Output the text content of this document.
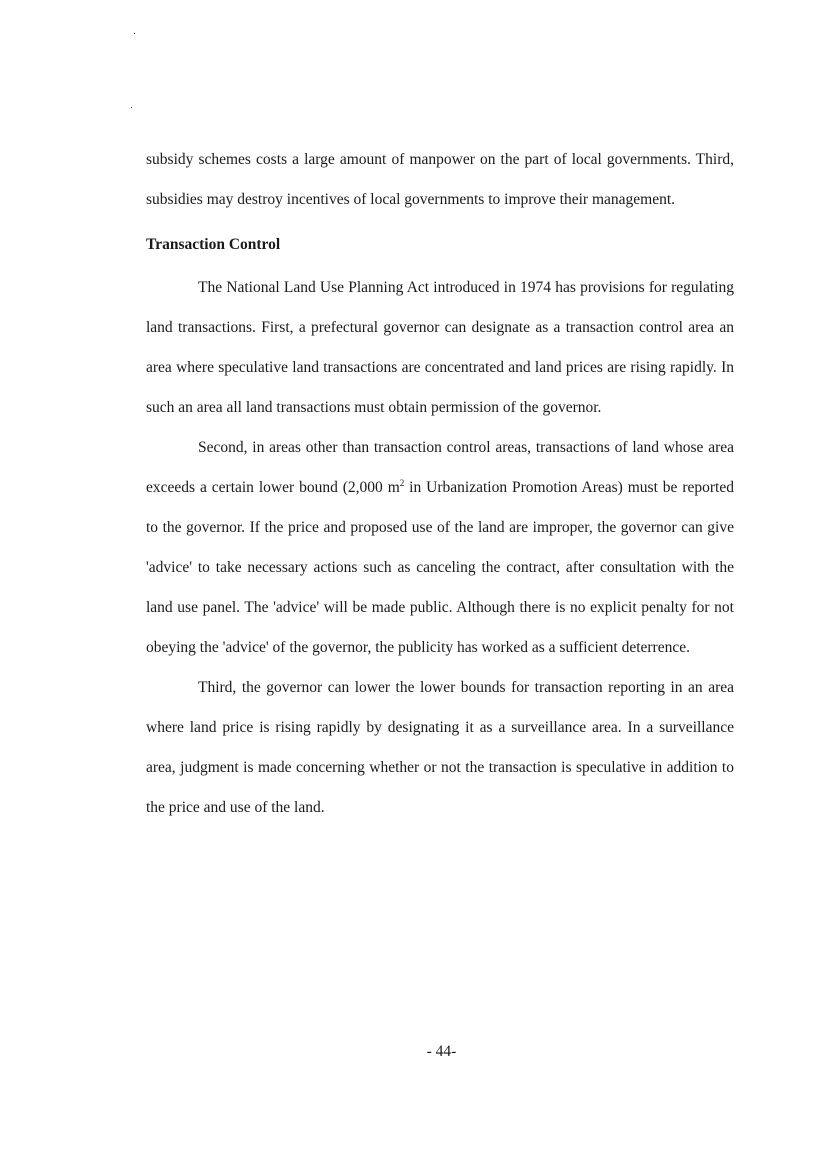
subsidy schemes costs a large amount of manpower on the part of local governments. Third, subsidies may destroy incentives of local governments to improve their management.

Transaction Control

The National Land Use Planning Act introduced in 1974 has provisions for regulating land transactions. First, a prefectural governor can designate as a transaction control area an area where speculative land transactions are concentrated and land prices are rising rapidly. In such an area all land transactions must obtain permission of the governor.

Second, in areas other than transaction control areas, transactions of land whose area exceeds a certain lower bound (2,000 $m^2$ in Urbanization Promotion Areas) must be reported to the governor. If the price and proposed use of the land are improper, the governor can give 'advice' to take necessary actions such as canceling the contract, after consultation with the land use panel. The 'advice' will be made public. Although there is no explicit penalty for not obeying the 'advice' of the governor, the publicity has worked as a sufficient deterrence.

Third, the governor can lower the lower bounds for transaction reporting in an area where land price is rising rapidly by designating it as a surveillance area. In a surveillance area, judgment is made concerning whether or not the transaction is speculative in addition to the price and use of the land.

- 44-
